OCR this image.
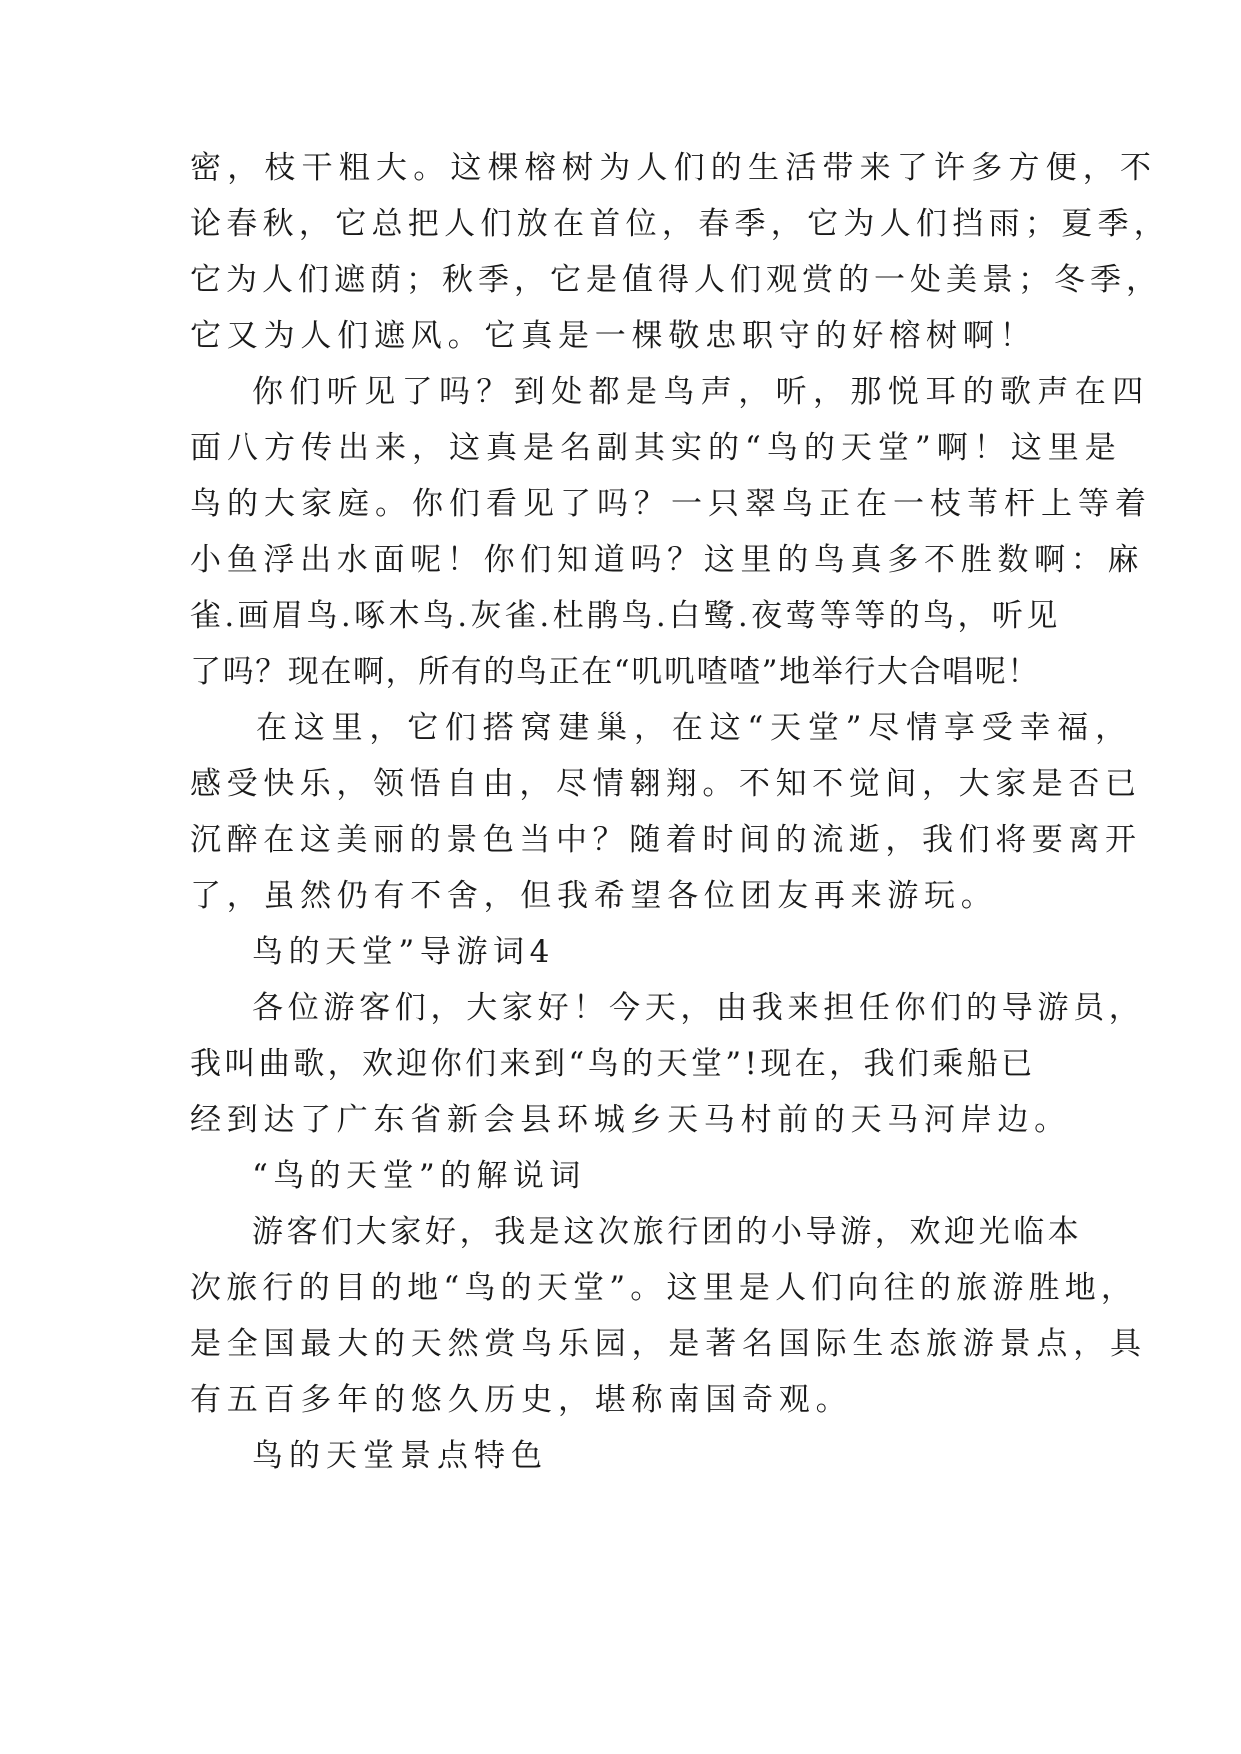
密，枝干粗大。这棵榕树为人们的生活带来了许多方便，不
论春秋，它总把人们放在首位，春季，它为人们挡雨；夏季，
它为人们遮荫；秋季，它是值得人们观赏的一处美景；冬季，
它又为人们遮风。它真是一棵敬忠职守的好榕树啊！
你们听见了吗？到处都是鸟声，听，那悦耳的歌声在四
面八方传出来，这真是名副其实的“鸟的天堂”啊！这里是
鸟的大家庭。你们看见了吗？一只翠鸟正在一枝苇杆上等着
小鱼浮出水面呢！你们知道吗？这里的鸟真多不胜数啊：麻
雀.画眉鸟.啄木鸟.灰雀.杜鹃鸟.白鹭.夜莺等等的鸟，听见
了吗？现在啊，所有的鸟正在“叽叽喳喳”地举行大合唱呢！
在这里，它们搭窝建巢，在这“天堂”尽情享受幸福，
感受快乐，领悟自由，尽情翱翔。不知不觉间，大家是否已
沉醉在这美丽的景色当中？随着时间的流逝，我们将要离开
了，虽然仍有不舍，但我希望各位团友再来游玩。
鸟的天堂”导游词4
各位游客们，大家好！今天，由我来担任你们的导游员，
我叫曲歌，欢迎你们来到“鸟的天堂”!现在，我们乘船已
经到达了广东省新会县环城乡天马村前的天马河岸边。
“鸟的天堂”的解说词
游客们大家好，我是这次旅行团的小导游，欢迎光临本
次旅行的目的地“鸟的天堂”。这里是人们向往的旅游胜地，
是全国最大的天然赏鸟乐园，是著名国际生态旅游景点，具
有五百多年的悠久历史，堪称南国奇观。
鸟的天堂景点特色
